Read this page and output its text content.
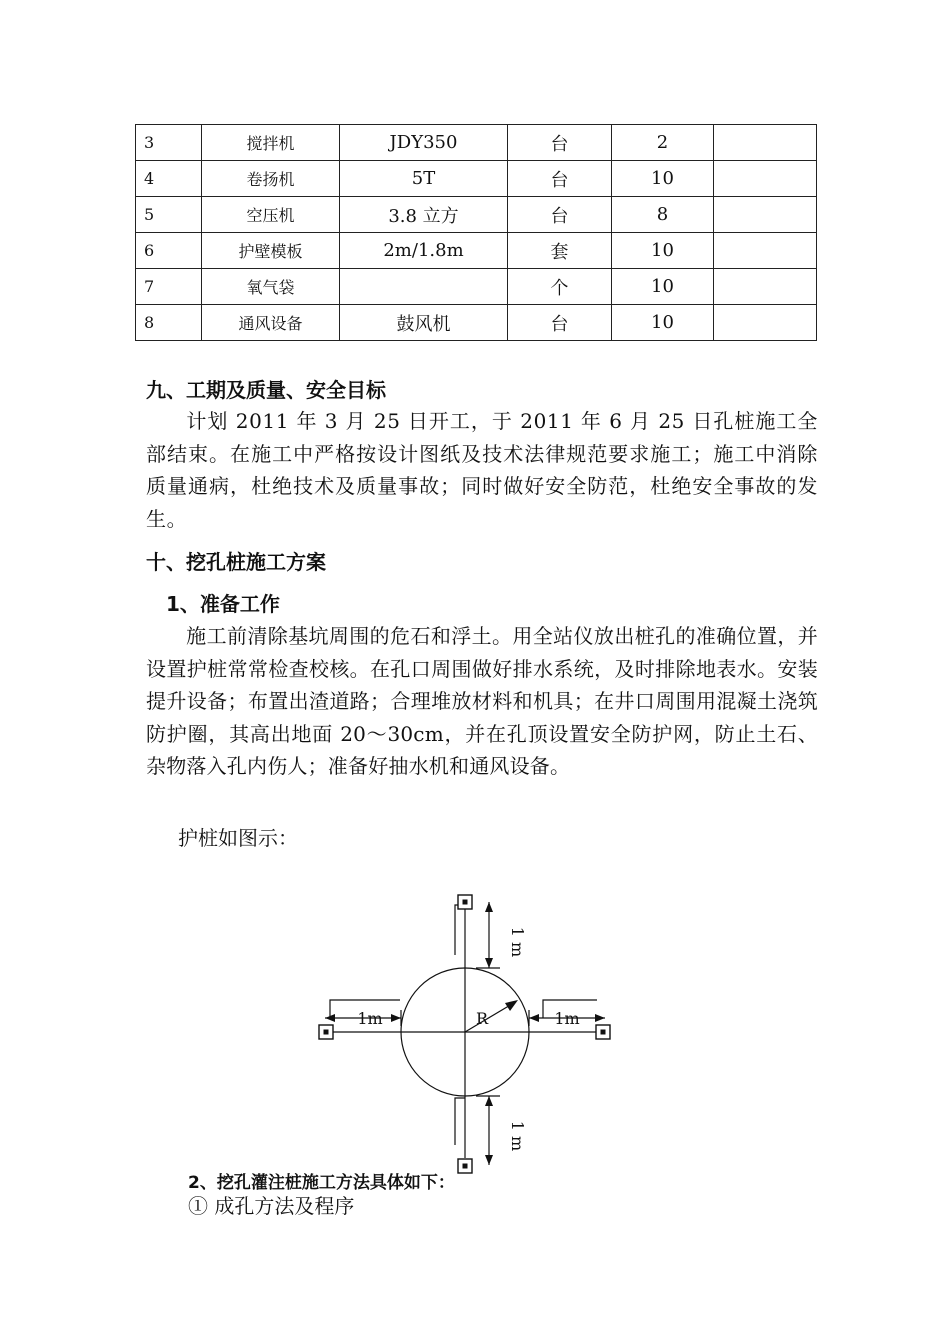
3	搅拌机	JDY350	台	2	
4	卷扬机	5T	台	10	
5	空压机	3.8 立方	台	8	
6	护壁模板	2m/1.8m	套	10	
7	氧气袋		个	10	
8	通风设备	鼓风机	台	10	
九、工期及质量、安全目标
计划 2011 年 3 月 25 日开工，于 2011 年 6 月 25 日孔桩施工全部结束。在施工中严格按设计图纸及技术法律规范要求施工；施工中消除质量通病，杜绝技术及质量事故；同时做好安全防范，杜绝安全事故的发生。
十、挖孔桩施工方案
1、准备工作
施工前清除基坑周围的危石和浮土。用全站仪放出桩孔的准确位置，并设置护桩常常检查校核。在孔口周围做好排水系统，及时排除地表水。安装提升设备；布置出渣道路；合理堆放材料和机具；在井口周围用混凝土浇筑防护圈，其高出地面 20～30cm，并在孔顶设置安全防护网，防止土石、杂物落入孔内伤人；准备好抽水机和通风设备。
护桩如图示：
1 m
1 m
1m	1m
R
2、挖孔灌注桩施工方法具体如下：
① 成孔方法及程序
